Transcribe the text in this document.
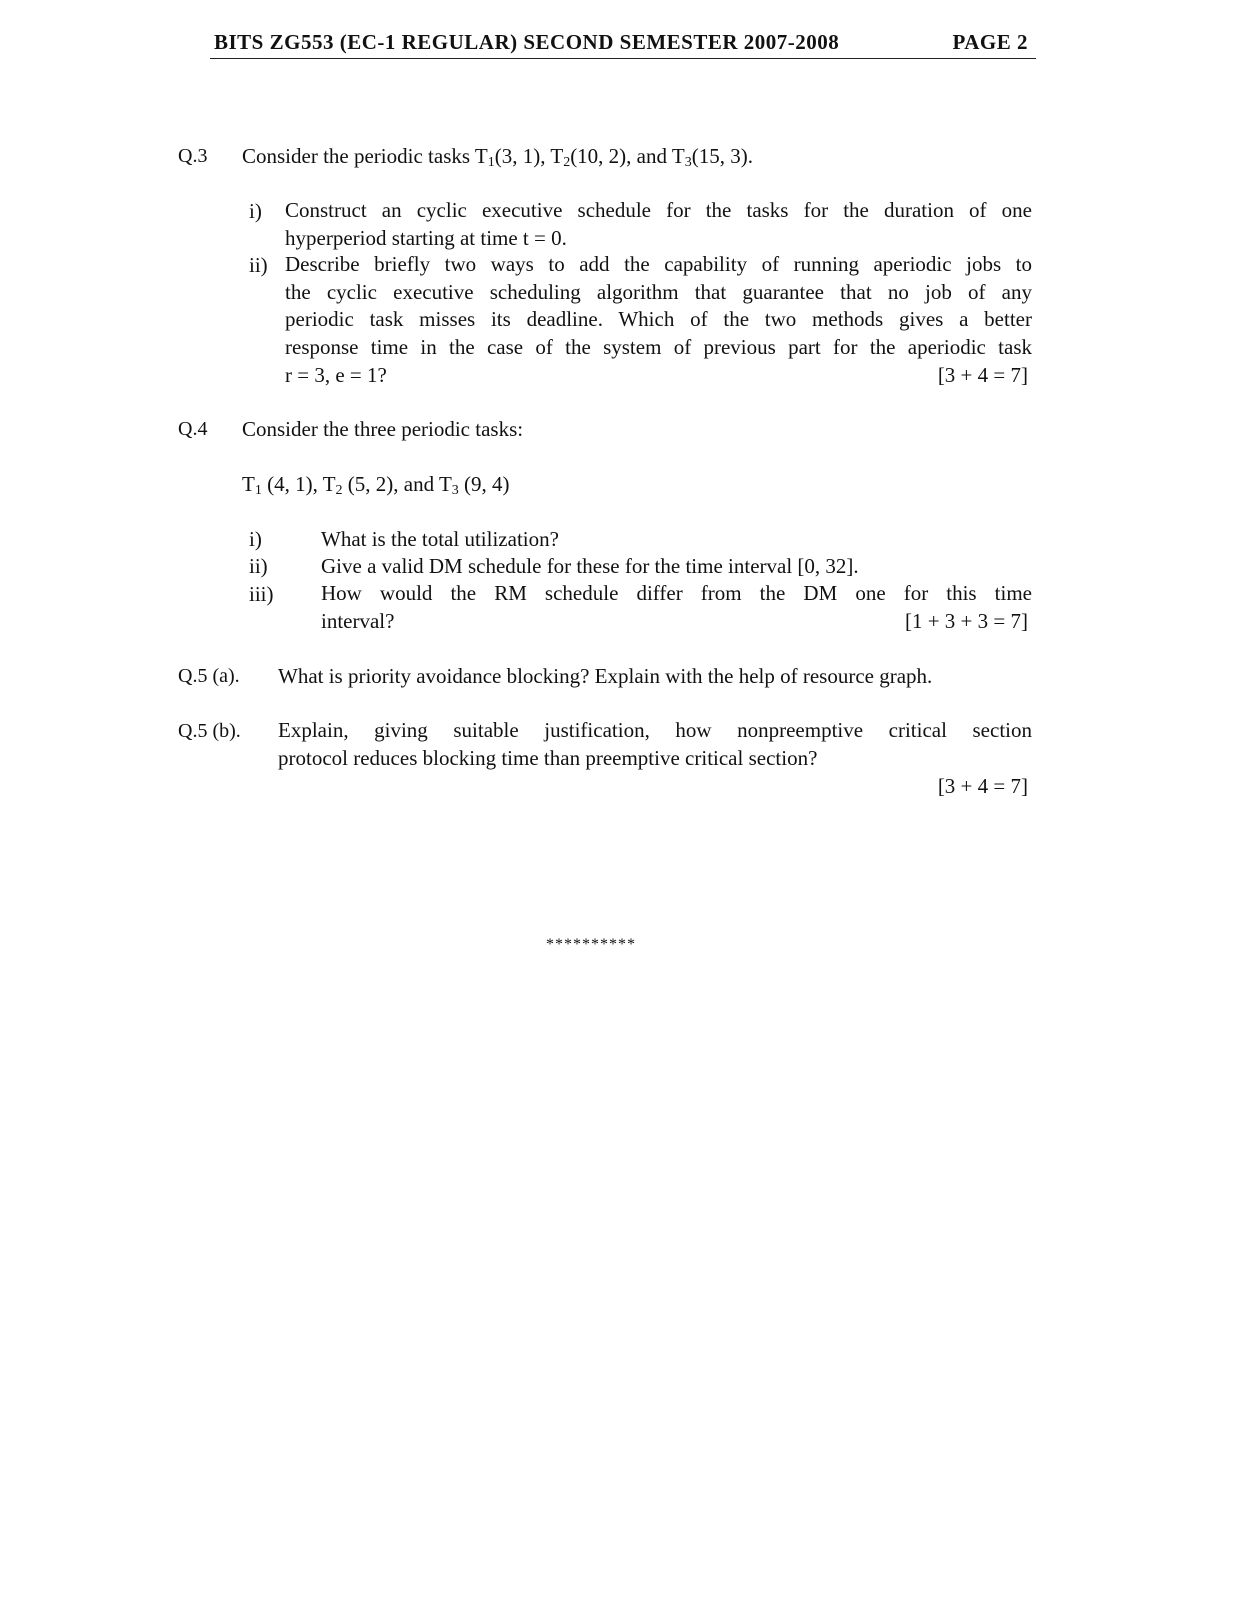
BITS ZG553 (EC-1 REGULAR) SECOND SEMESTER 2007-2008	PAGE 2
Q.3 Consider the periodic tasks $T_1(3$, 1), $T_2(10$, 2), and $T_3(15$, 3).
i) Construct an cyclic executive schedule for the tasks for the duration of one
hyperperiod starting at time t = 0.
ii) Describe briefly two ways to add the capability of running aperiodic jobs to
the cyclic executive scheduling algorithm that guarantee that no job of any
periodic task misses its deadline. Which of the two methods gives a better
response time in the case of the system of previous part for the aperiodic task
r = 3, e = 1?	[3 + 4 = 7]
Q.4 Consider the three periodic tasks:
$T_1$ (4, 1), $T_2$ (5, 2), and $T_3$ (9, 4)
i)	What is the total utilization?
ii)	Give a valid DM schedule for these for the time interval [0, 32].
iii) How would the RM schedule differ from the DM one for this time
interval?	[1 + 3 + 3 = 7]
Q.5 (a). What is priority avoidance blocking? Explain with the help of resource graph.
Q.5 (b). Explain, giving suitable justification, how nonpreemptive critical section
protocol reduces blocking time than preemptive critical section?
[3 + 4 = 7]
**********
